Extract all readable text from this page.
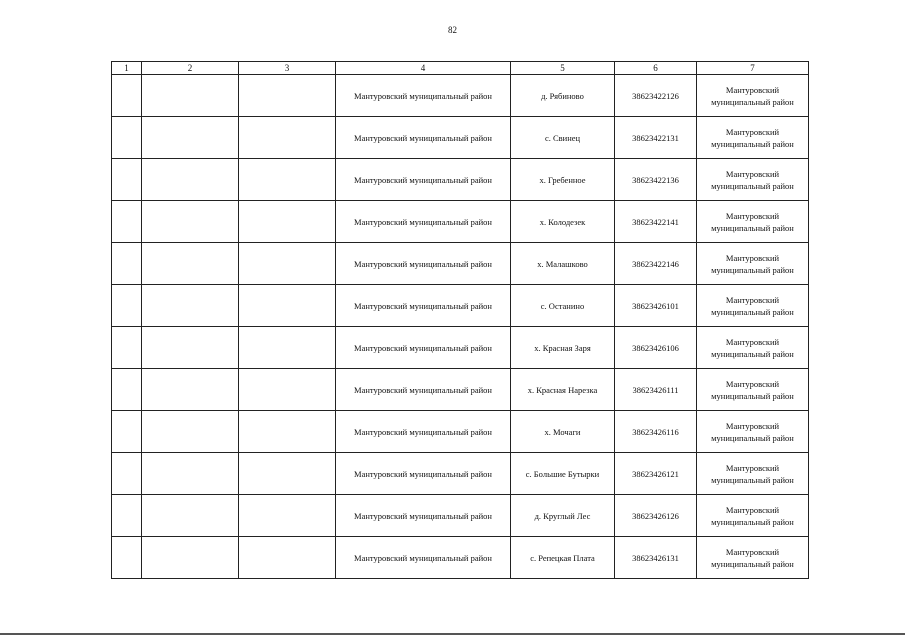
82
1	2	3	4	5	6	7
			Мантуровский муниципальный район	д. Рябиново	38623422126	Мантуровский муниципальный район
			Мантуровский муниципальный район	с. Свинец	38623422131	Мантуровский муниципальный район
			Мантуровский муниципальный район	х. Гребенное	38623422136	Мантуровский муниципальный район
			Мантуровский муниципальный район	х. Колодезек	38623422141	Мантуровский муниципальный район
			Мантуровский муниципальный район	х. Малашково	38623422146	Мантуровский муниципальный район
			Мантуровский муниципальный район	с. Останино	38623426101	Мантуровский муниципальный район
			Мантуровский муниципальный район	х. Красная Заря	38623426106	Мантуровский муниципальный район
			Мантуровский муниципальный район	х. Красная Нарезка	38623426111	Мантуровский муниципальный район
			Мантуровский муниципальный район	х. Мочаги	38623426116	Мантуровский муниципальный район
			Мантуровский муниципальный район	с. Большие Бутырки	38623426121	Мантуровский муниципальный район
			Мантуровский муниципальный район	д. Круглый Лес	38623426126	Мантуровский муниципальный район
			Мантуровский муниципальный район	с. Репецкая Плата	38623426131	Мантуровский муниципальный район
